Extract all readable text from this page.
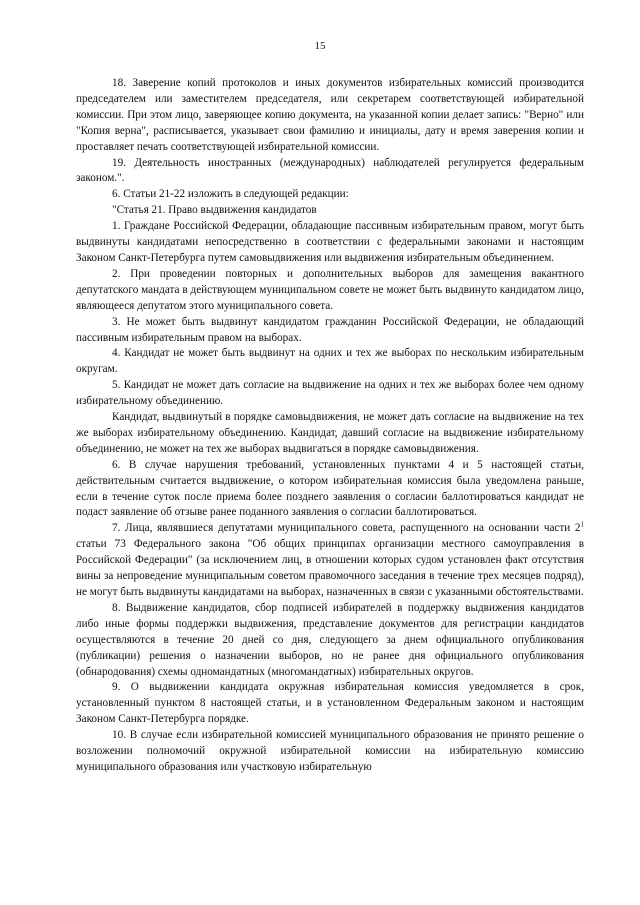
15

18. Заверение копий протоколов и иных документов избирательных комиссий производится председателем или заместителем председателя, или секретарем соответствующей избирательной комиссии. При этом лицо, заверяющее копию документа, на указанной копии делает запись: "Верно" или "Копия верна", расписывается, указывает свои фамилию и инициалы, дату и время заверения копии и проставляет печать соответствующей избирательной комиссии.

19. Деятельность иностранных (международных) наблюдателей регулируется федеральным законом.".

6. Статьи 21-22 изложить в следующей редакции:

"Статья 21. Право выдвижения кандидатов

1. Граждане Российской Федерации, обладающие пассивным избирательным правом, могут быть выдвинуты кандидатами непосредственно в соответствии с федеральными законами и настоящим Законом Санкт-Петербурга путем самовыдвижения или выдвижения избирательным объединением.

2. При проведении повторных и дополнительных выборов для замещения вакантного депутатского мандата в действующем муниципальном совете не может быть выдвинуто кандидатом лицо, являющееся депутатом этого муниципального совета.

3. Не может быть выдвинут кандидатом гражданин Российской Федерации, не обладающий пассивным избирательным правом на выборах.

4. Кандидат не может быть выдвинут на одних и тех же выборах по нескольким избирательным округам.

5. Кандидат не может дать согласие на выдвижение на одних и тех же выборах более чем одному избирательному объединению.

Кандидат, выдвинутый в порядке самовыдвижения, не может дать согласие на выдвижение на тех же выборах избирательному объединению. Кандидат, давший согласие на выдвижение избирательному объединению, не может на тех же выборах выдвигаться в порядке самовыдвижения.

6. В случае нарушения требований, установленных пунктами 4 и 5 настоящей статьи, действительным считается выдвижение, о котором избирательная комиссия была уведомлена раньше, если в течение суток после приема более позднего заявления о согласии баллотироваться кандидат не подаст заявление об отзыве ранее поданного заявления о согласии баллотироваться.

7. Лица, являвшиеся депутатами муниципального совета, распущенного на основании части $2^1$ статьи 73 Федерального закона "Об общих принципах организации местного самоуправления в Российской Федерации" (за исключением лиц, в отношении которых судом установлен факт отсутствия вины за непроведение муниципальным советом правомочного заседания в течение трех месяцев подряд), не могут быть выдвинуты кандидатами на выборах, назначенных в связи с указанными обстоятельствами.

8. Выдвижение кандидатов, сбор подписей избирателей в поддержку выдвижения кандидатов либо иные формы поддержки выдвижения, представление документов для регистрации кандидатов осуществляются в течение 20 дней со дня, следующего за днем официального опубликования (публикации) решения о назначении выборов, но не ранее дня официального опубликования (обнародования) схемы одномандатных (многомандатных) избирательных округов.

9. О выдвижении кандидата окружная избирательная комиссия уведомляется в срок, установленный пунктом 8 настоящей статьи, и в установленном Федеральным законом и настоящим Законом Санкт-Петербурга порядке.

10. В случае если избирательной комиссией муниципального образования не принято решение о возложении полномочий окружной избирательной комиссии на избирательную комиссию муниципального образования или участковую избирательную
